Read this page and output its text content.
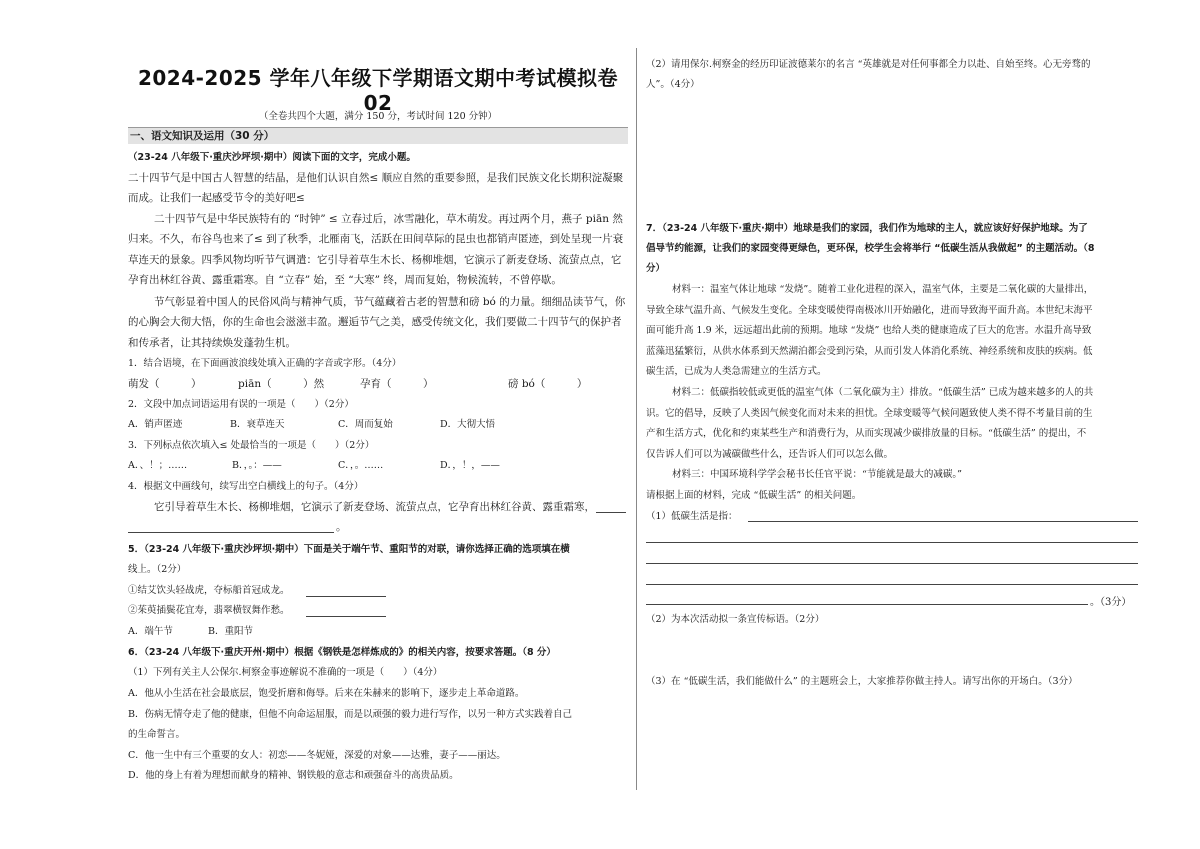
2024-2025 学年八年级下学期语文期中考试模拟卷 02
（全卷共四个大题，满分 150 分，考试时间 120 分钟）
一、语文知识及运用（30 分）
（23-24 八年级下·重庆沙坪坝·期中）阅读下面的文字，完成小题。
二十四节气是中国古人智慧的结晶，是他们认识自然≤ 顺应自然的重要参照，是我们民族文化长期积淀凝聚
而成。让我们一起感受节令的美好吧≤
二十四节气是中华民族特有的 “时钟” ≤ 立春过后，冰雪融化，草木萌发。再过两个月，燕子 piān 然
归来。不久，布谷鸟也来了≤ 到了秋季，北雁南飞，活跃在田间草际的昆虫也都销声匿迹，到处呈现一片衰
草连天的景象。四季风物均听节气调遣：它引导着草生木长、杨柳堆烟，它演示了新麦登场、流萤点点，它
孕育出林红谷黄、露重霜寒。自 “立春” 始，至 “大寒” 终，周而复始，物候流转，不曾停歇。
节气彰显着中国人的民俗风尚与精神气质，节气蕴藏着古老的智慧和磅 bó 的力量。细细品读节气，你
的心胸会大彻大悟，你的生命也会滋滋丰盈。邂逅节气之美，感受传统文化，我们要做二十四节气的保护者
和传承者，让其持续焕发蓬勃生机。
1．结合语境，在下面画波浪线处填入正确的字音或字形。（4分）
萌发（　　　）	piān（　　　）然	孕育（　　　）	磅 bó（　　　）
2．文段中加点词语运用有误的一项是（　　）（2分）
A．销声匿迹	B．衰草连天	C．周而复始	D．大彻大悟
3．下列标点依次填入≤ 处最恰当的一项是（　　）（2分）
A．、！；……	B．，。：——	C．，。……	D．，！，——
4．根据文中画线句，续写出空白横线上的句子。（4分）
它引导着草生木长、杨柳堆烟，它演示了新麦登场、流萤点点，它孕育出林红谷黄、露重霜寒，
。
5．（23-24 八年级下·重庆沙坪坝·期中）下面是关于端午节、重阳节的对联，请你选择正确的选项填在横
线上。（2分）
①结艾饮头轻战虎，夺标船首冠成龙。
②茱萸插鬓花宜寿，翡翠横钗舞作愁。
A．端午节	B．重阳节
6．（23-24 八年级下·重庆开州·期中）根据《钢铁是怎样炼成的》的相关内容，按要求答题。（8 分）
（1）下列有关主人公保尔.柯察金事迹解说不准确的一项是（　　）（4分）
A．他从小生活在社会最底层，饱受折磨和侮辱。后来在朱赫来的影响下，逐步走上革命道路。
B．伤病无情夺走了他的健康，但他不向命运屈服，而是以顽强的毅力进行写作，以另一种方式实践着自己
的生命誓言。
C．他一生中有三个重要的女人：初恋——冬妮娅，深爱的对象——达雅，妻子——丽达。
D．他的身上有着为理想而献身的精神、钢铁般的意志和顽强奋斗的高贵品质。
（2）请用保尔.柯察金的经历印证波德莱尔的名言 “英雄就是对任何事都全力以赴、自始至终。心无旁骛的
人”。（4分）
7．（23-24 八年级下·重庆·期中）地球是我们的家园，我们作为地球的主人，就应该好好保护地球。为了
倡导节约能源，让我们的家园变得更绿色，更环保，校学生会将举行 “低碳生活从我做起” 的主题活动。（8
分）
材料一：温室气体让地球 “发烧”。随着工业化进程的深入，温室气体，主要是二氧化碳的大量排出，
导致全球气温升高、气候发生变化。全球变暖使得南极冰川开始融化，进而导致海平面升高。本世纪末海平
面可能升高 1.9 米，远远超出此前的预期。地球 “发烧” 也给人类的健康造成了巨大的危害。水温升高导致
蓝藻迅猛繁衍，从供水体系到天然湖泊都会受到污染，从而引发人体消化系统、神经系统和皮肤的疾病。低
碳生活，已成为人类急需建立的生活方式。
材料二：低碳指较低或更低的温室气体（二氧化碳为主）排放。“低碳生活” 已成为越来越多的人的共
识。它的倡导，反映了人类因气候变化而对未来的担忧。全球变暖等气候问题致使人类不得不考量目前的生
产和生活方式，优化和约束某些生产和消费行为，从而实现减少碳排放量的目标。“低碳生活” 的提出，不
仅告诉人们可以为减碳做些什么，还告诉人们可以怎么做。
材料三：中国环境科学学会秘书长任官平说：“节能就是最大的减碳。”
请根据上面的材料，完成 “低碳生活” 的相关问题。
（1）低碳生活是指：
。（3分）
（2）为本次活动拟一条宣传标语。（2分）
（3）在 “低碳生活，我们能做什么” 的主题班会上，大家推荐你做主持人。请写出你的开场白。（3分）
